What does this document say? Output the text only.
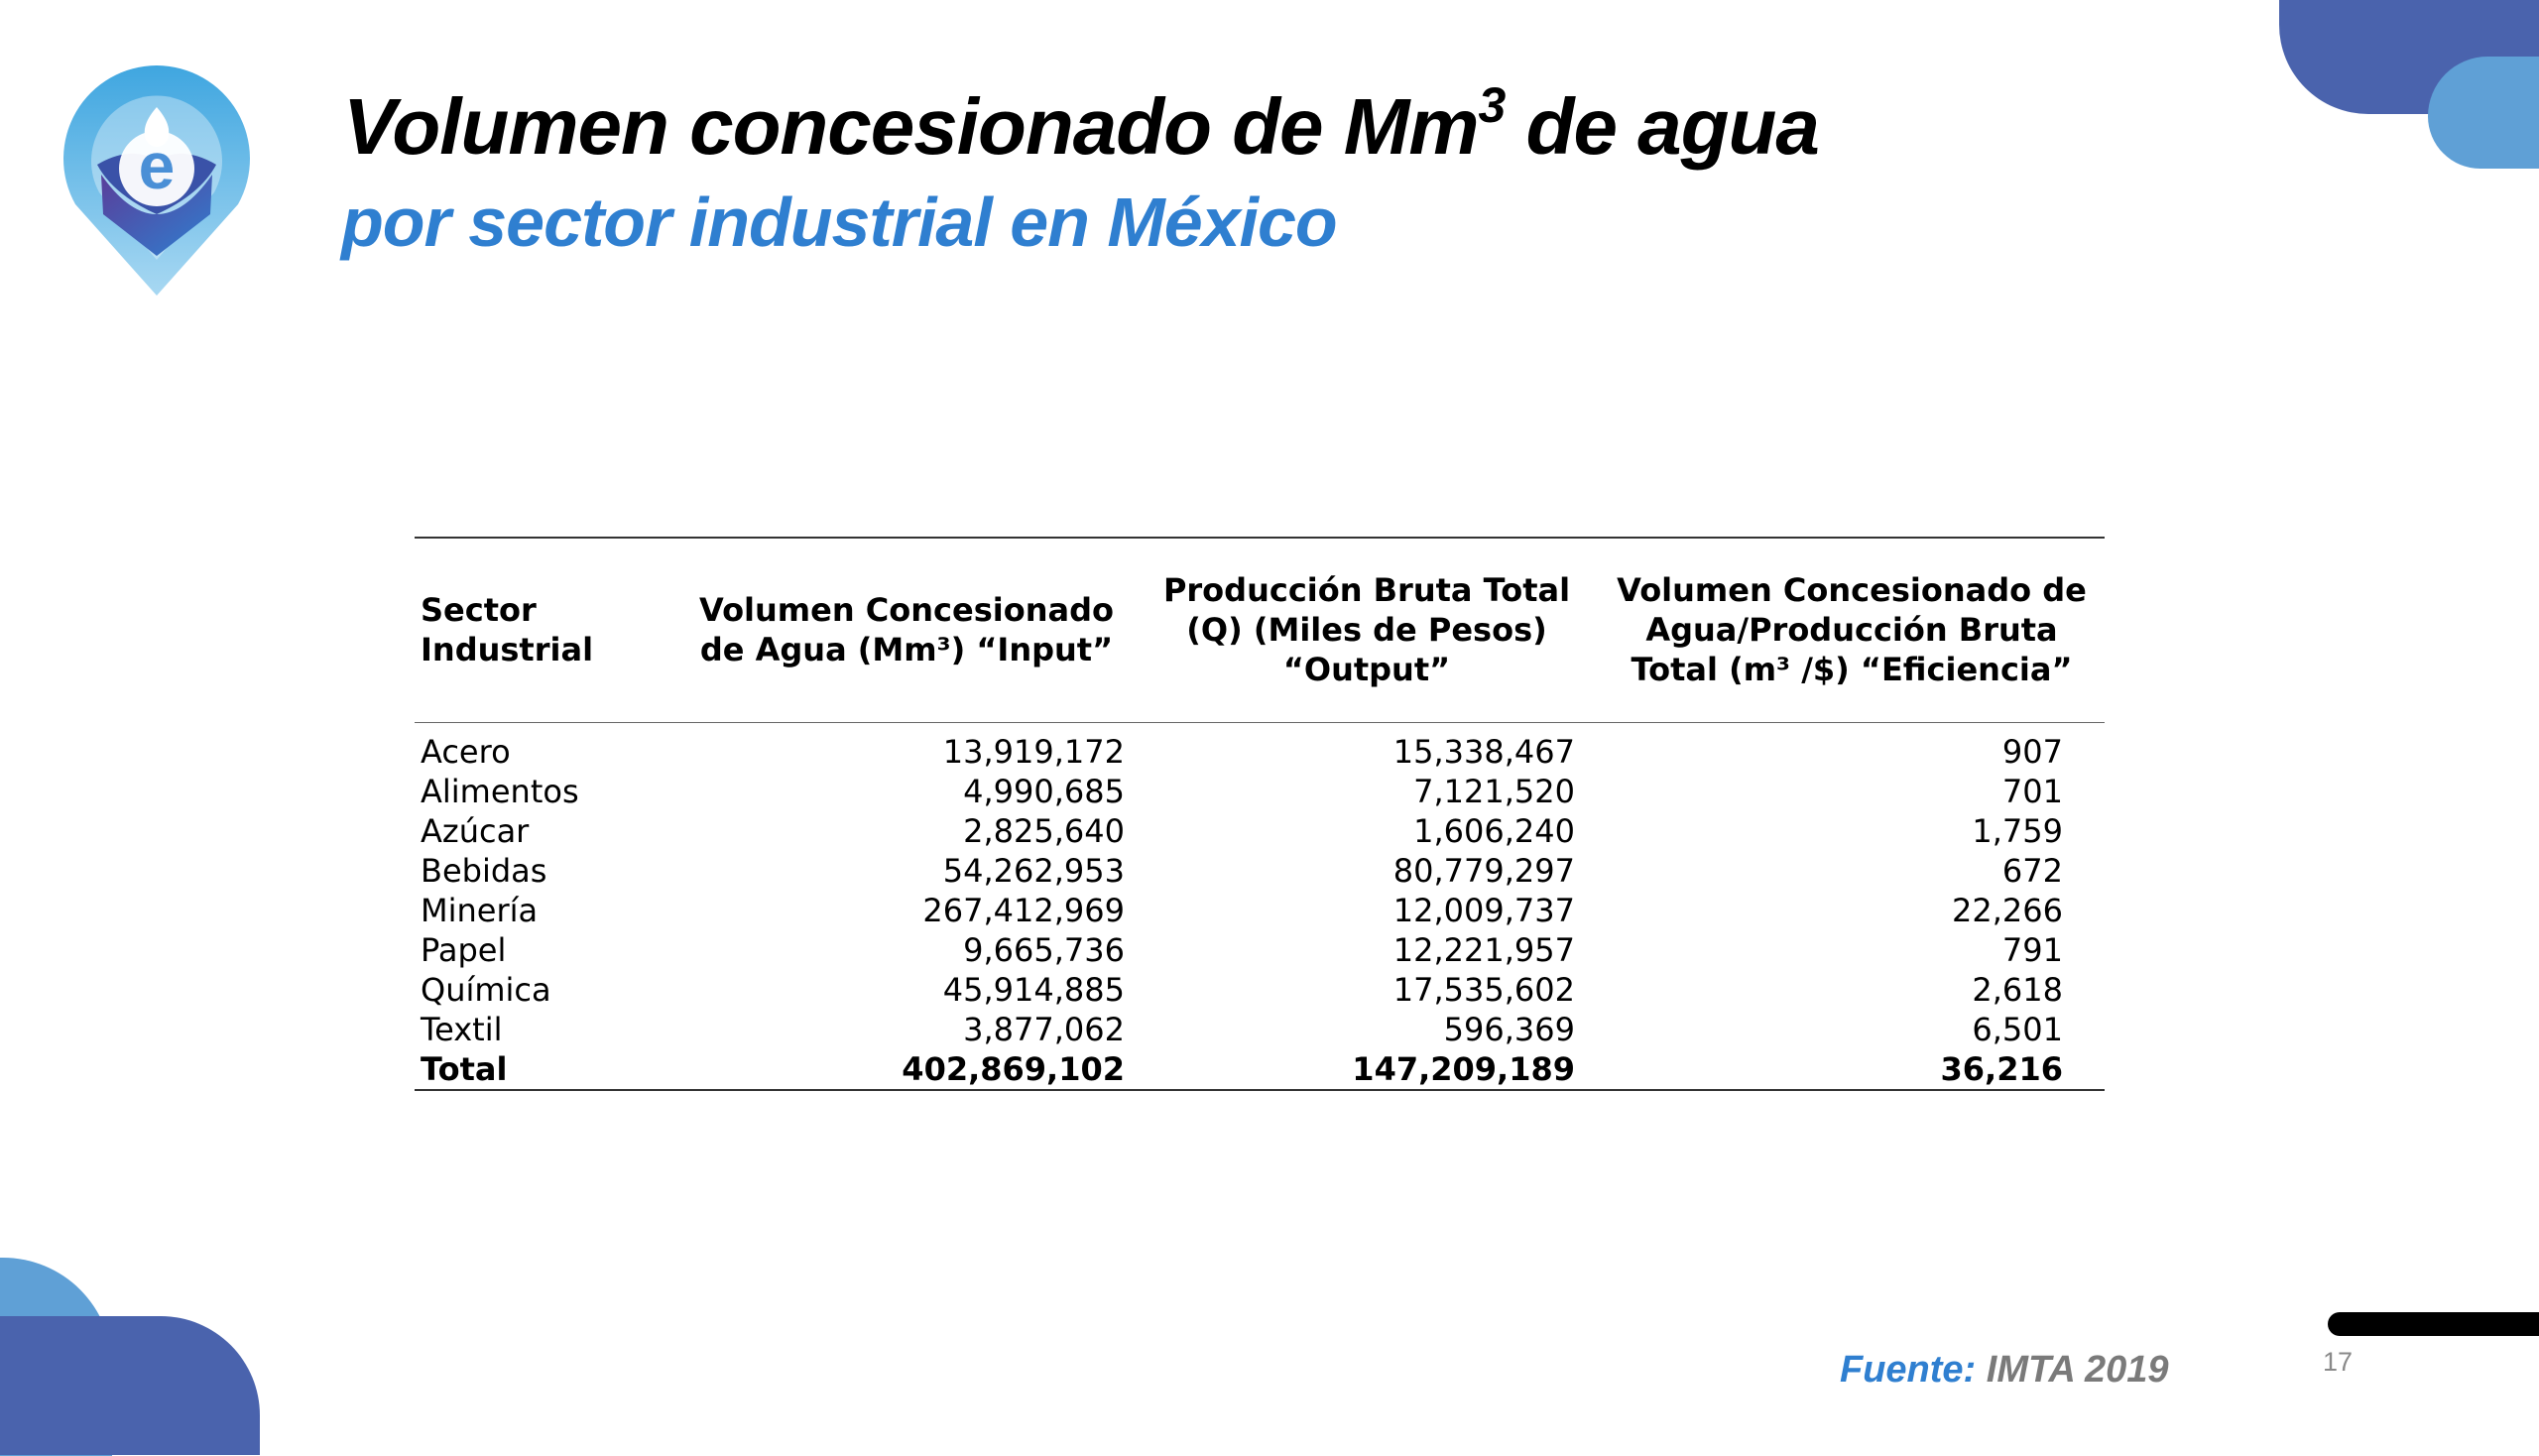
e Volumen concesionado de Mm$^3$ de agua
por sector industrial en México
Sector Industrial	Volumen Concesionado de Agua (Mm³) “Input”	Producción Bruta Total (Q) (Miles de Pesos) “Output”	Volumen Concesionado de Agua/Producción Bruta Total (m³ /$) “Eficiencia”
Acero	13,919,172	15,338,467	907
Alimentos	4,990,685	7,121,520	701
Azúcar	2,825,640	1,606,240	1,759
Bebidas	54,262,953	80,779,297	672
Minería	267,412,969	12,009,737	22,266
Papel	9,665,736	12,221,957	791
Química	45,914,885	17,535,602	2,618
Textil	3,877,062	596,369	6,501
Total	402,869,102	147,209,189	36,216
Fuente: IMTA 2019	17
